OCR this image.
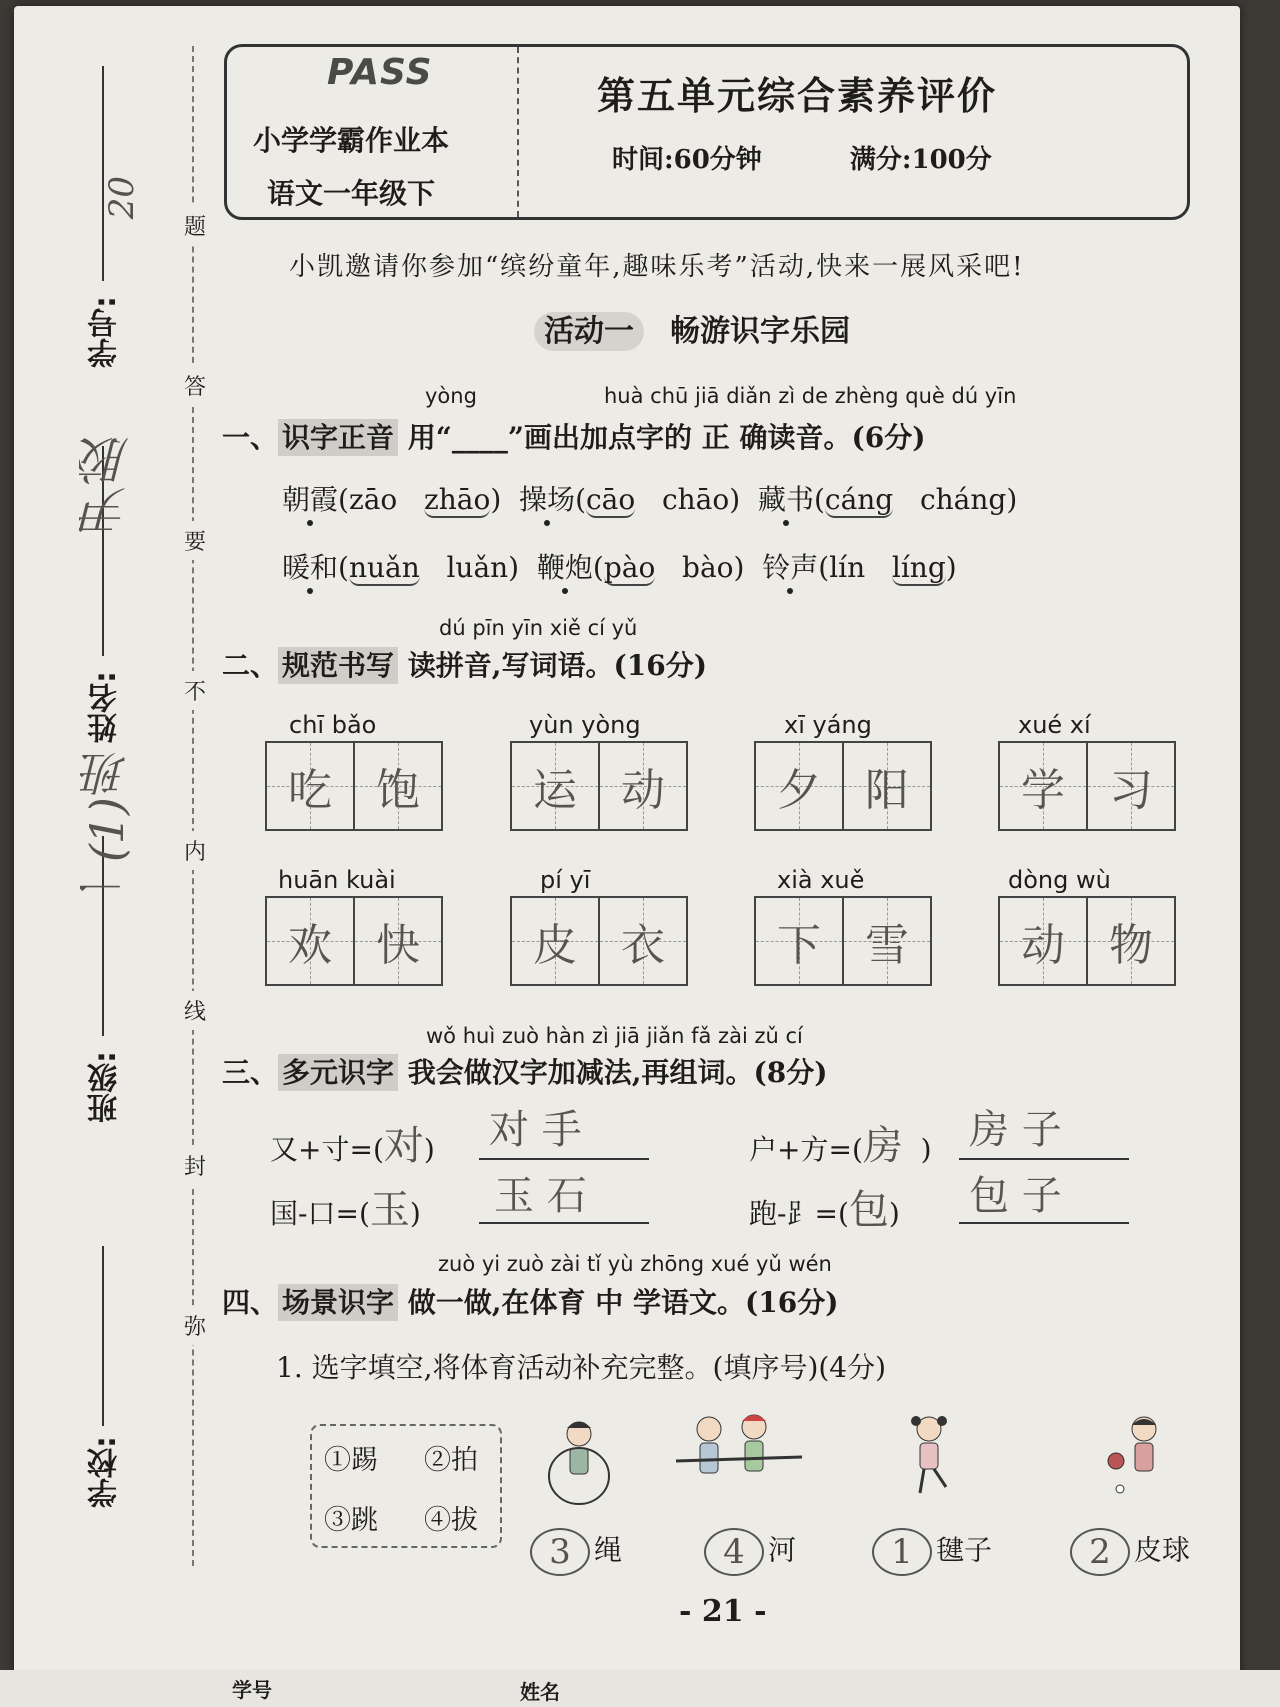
学校:
班级:
一(1)班
姓名:
尹胶
学号:
20
题
答
要
不
内
线
封
弥
PASS
小学学霸作业本
语文一年级下
第五单元综合素养评价
时间:60分钟	满分:100分
小凯邀请你参加“缤纷童年,趣味乐考”活动,快来一展风采吧!
活动一 畅游识字乐园
yòng	huà chū jiā diǎn zì de zhèng què dú yīn
一、 识字正音 用“____”画出加点字的 正 确读音。(6分)
朝霞(zāo zhāo)  操场(cāo chāo)  藏书(cáng cháng)
暖和(nuǎn luǎn)  鞭炮(pào bào)  铃声(lín líng)
dú pīn yīn xiě cí yǔ
二、 规范书写 读拼音,写词语。(16分)
chī bǎo
吃 饱
yùn yòng
运 动
xī yáng
夕 阳
xué xí
学 习
huān kuài
欢 快
pí yī
皮 衣
xià xuě
下 雪
dòng wù
动 物
wǒ huì zuò hàn zì jiā jiǎn fǎ zài zǔ cí
三、 多元识字 我会做汉字加减法,再组词。(8分)
又+寸=(对) 对 手	户+方=(房  ) 房 子
国-口=(玉) 玉 石	跑-⻊=(包) 包 子
zuò yi zuò zài tǐ yù zhōng xué yǔ wén
四、 场景识字 做一做,在体育 中 学语文。(16分)
1. 选字填空,将体育活动补充完整。(填序号)(4分)
①踢 ②拍
③跳 ④拔
3 绳	4 河	1 毽子	2 皮球
- 21 -
学号	姓名
